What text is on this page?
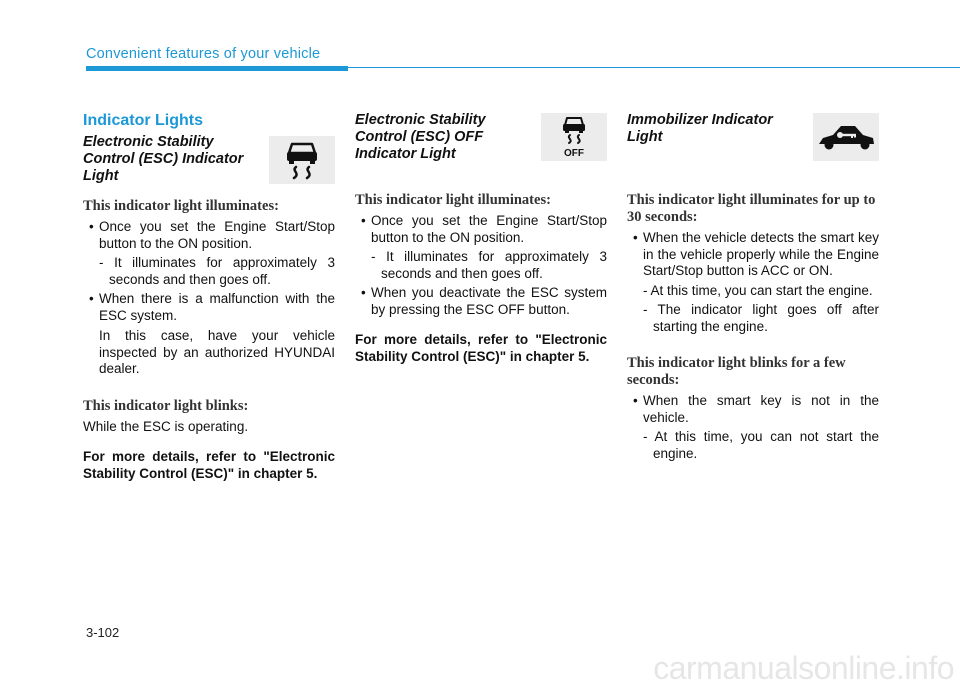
Convenient features of your vehicle
Indicator Lights

Electronic Stability Control (ESC) Indicator Light

This indicator light illuminates:
• Once you set the Engine Start/Stop button to the ON position.
- It illuminates for approximately 3 seconds and then goes off.
• When there is a malfunction with the ESC system.
In this case, have your vehicle inspected by an authorized HYUNDAI dealer.
This indicator light blinks:
While the ESC is operating.
For more details, refer to "Electronic Stability Control (ESC)" in chapter 5.

Electronic Stability Control (ESC) OFF Indicator Light	OFF
This indicator light illuminates:
• Once you set the Engine Start/Stop button to the ON position.
- It illuminates for approximately 3 seconds and then goes off.
• When you deactivate the ESC system by pressing the ESC OFF button.
For more details, refer to "Electronic Stability Control (ESC)" in chapter 5.

Immobilizer Indicator Light

This indicator light illuminates for up to 30 seconds:
• When the vehicle detects the smart key in the vehicle properly while the Engine Start/Stop button is ACC or ON.
- At this time, you can start the engine.
- The indicator light goes off after starting the engine.
This indicator light blinks for a few seconds:
• When the smart key is not in the vehicle.
- At this time, you can not start the engine.
3-102
carmanualsonline.info
